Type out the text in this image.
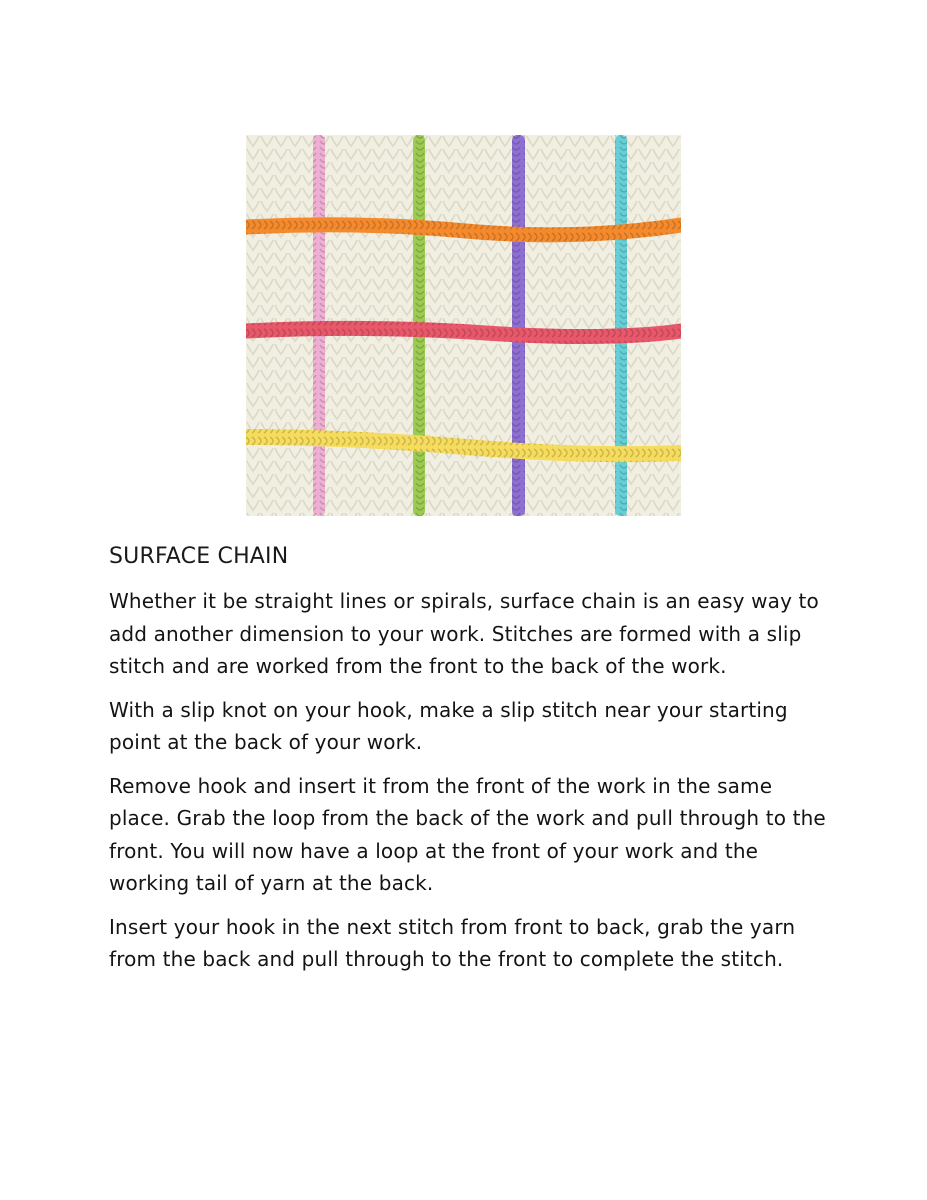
SURFACE CHAIN

Whether it be straight lines or spirals, surface chain is an easy way to add another dimension to your work. Stitches are formed with a slip stitch and are worked from the front to the back of the work.

With a slip knot on your hook, make a slip stitch near your starting point at the back of your work.

Remove hook and insert it from the front of the work in the same place. Grab the loop from the back of the work and pull through to the front. You will now have a loop at the front of your work and the working tail of yarn at the back.

Insert your hook in the next stitch from front to back, grab the yarn from the back and pull through to the front to complete the stitch.
